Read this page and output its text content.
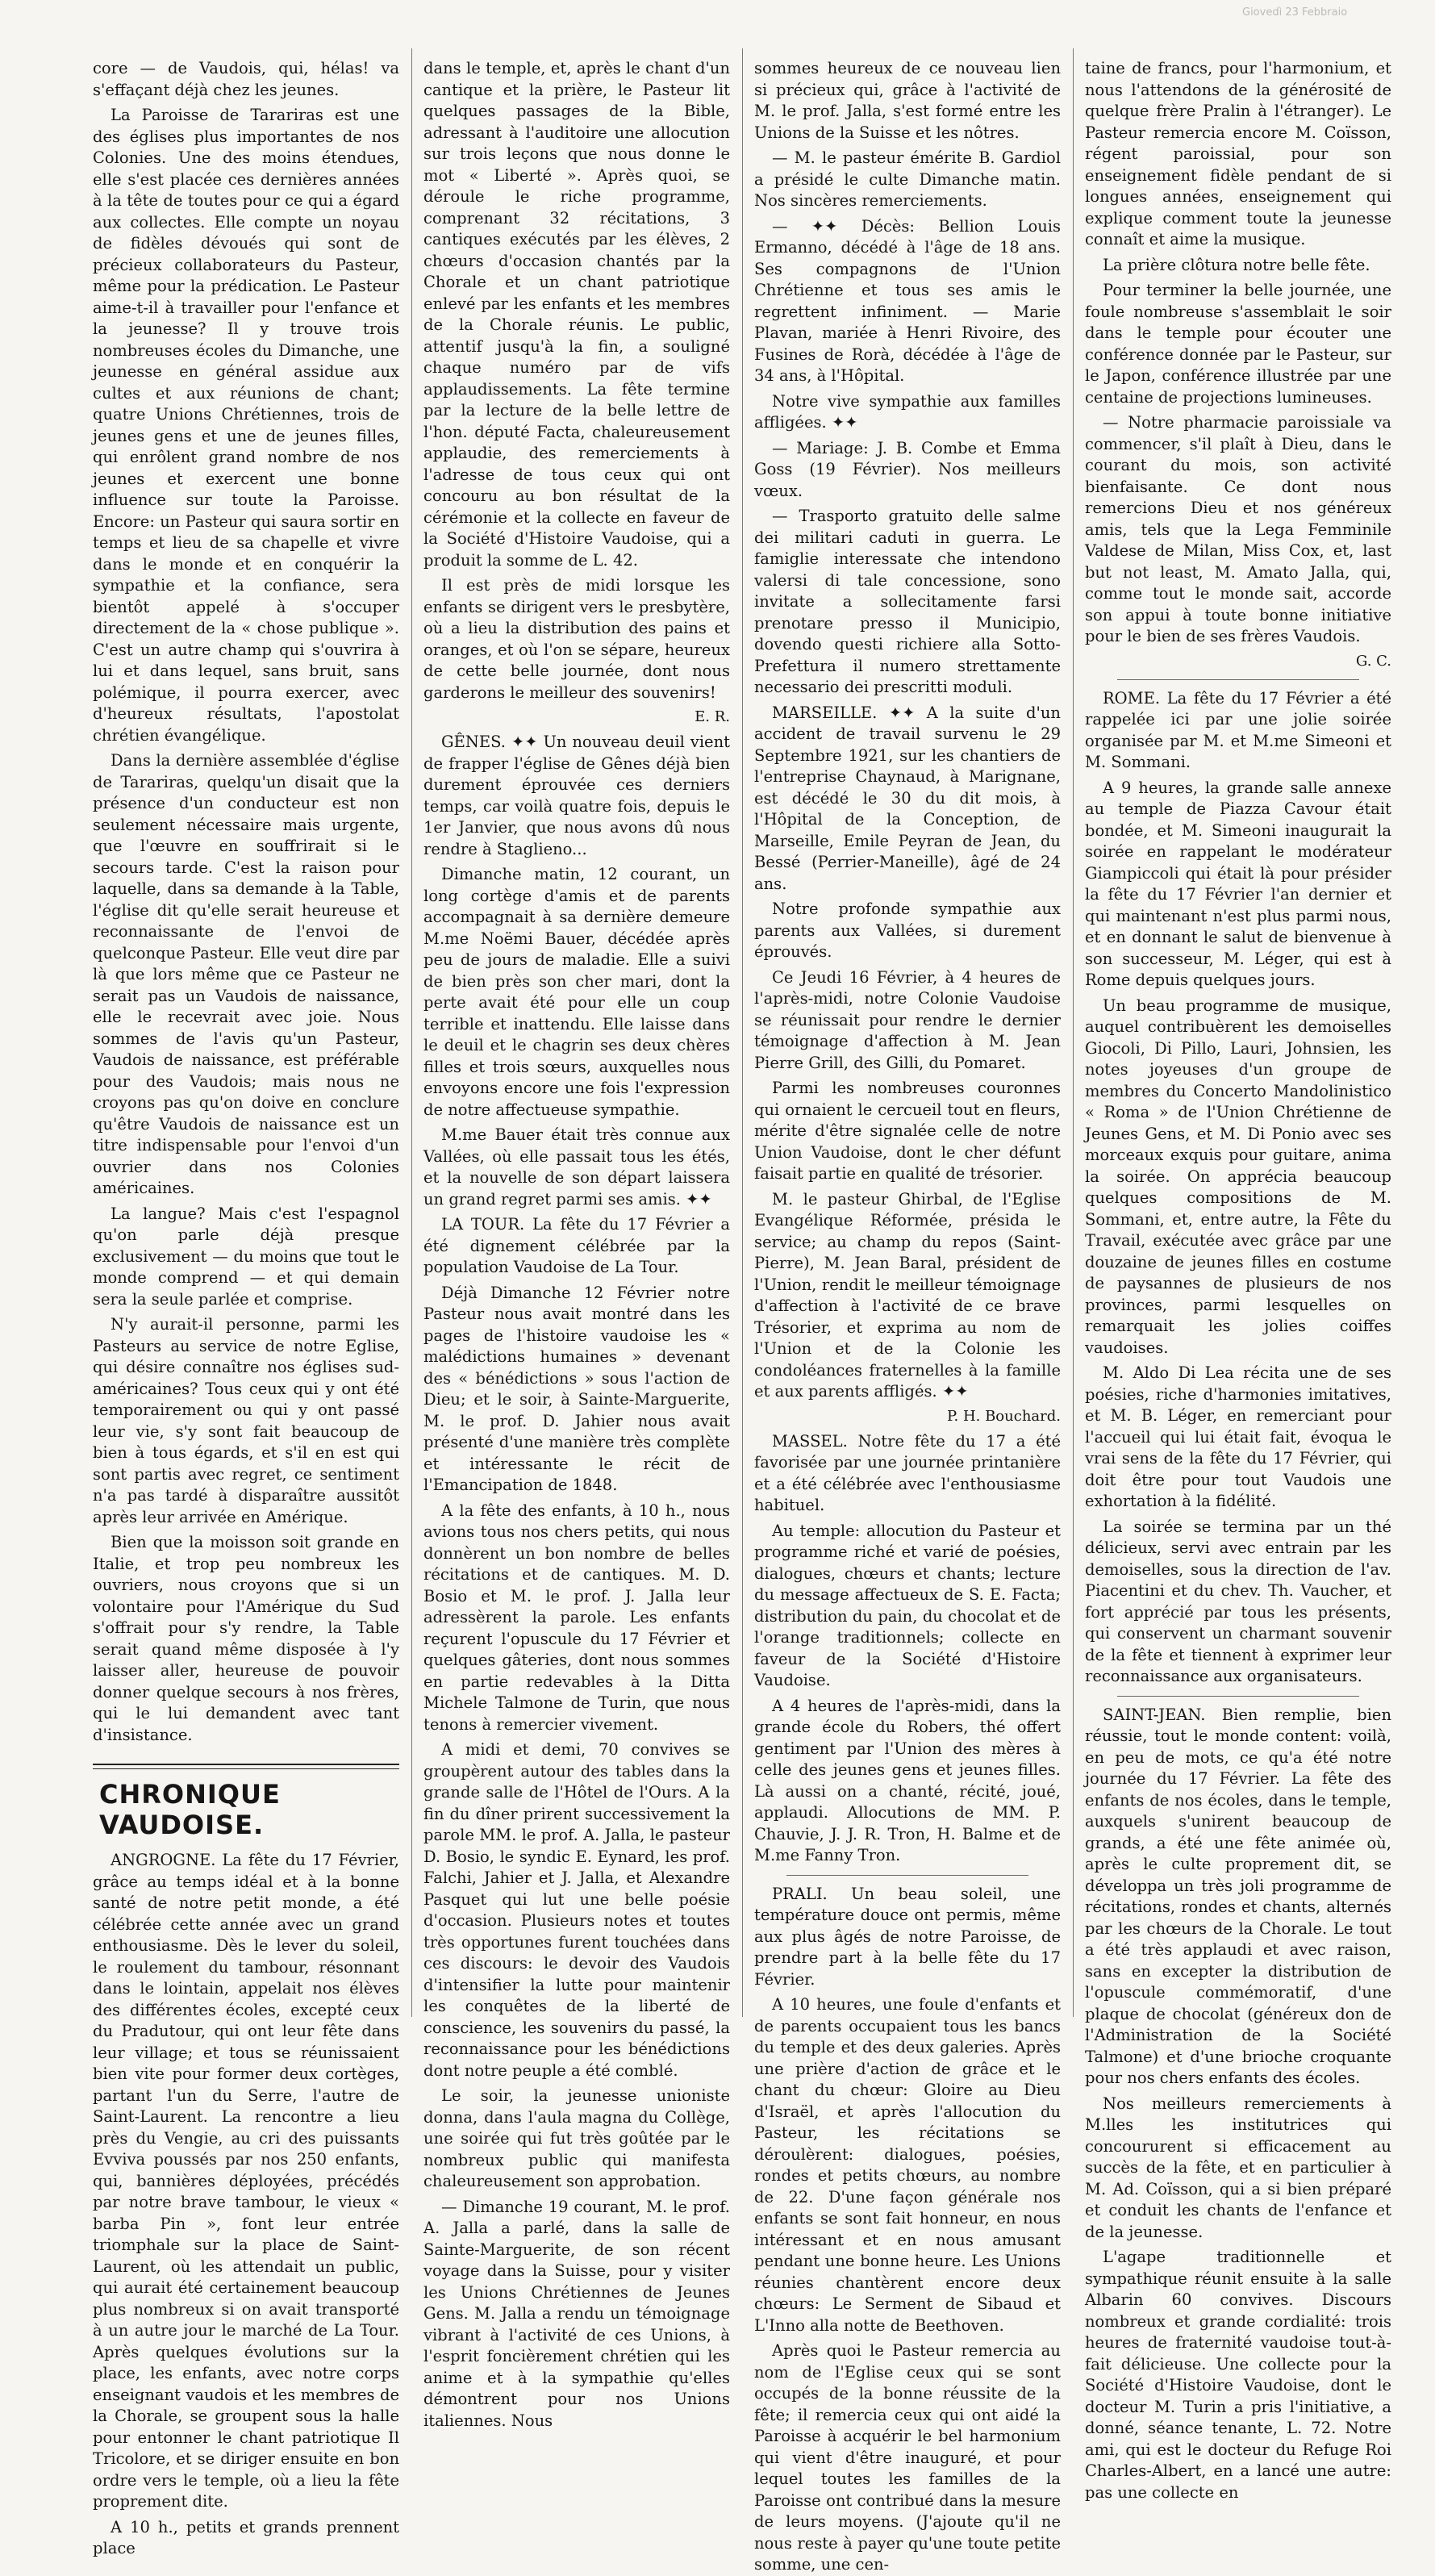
Giovedì 23 Febbraio

core — de Vaudois, qui, hélas! va s'effaçant déjà chez les jeunes.

La Paroisse de Tarariras est une des églises plus importantes de nos Colonies. Une des moins étendues, elle s'est placée ces dernières années à la tête de toutes pour ce qui a égard aux collectes. Elle compte un noyau de fidèles dévoués qui sont de précieux collaborateurs du Pasteur, même pour la prédication. Le Pasteur aime-t-il à travailler pour l'enfance et la jeunesse? Il y trouve trois nombreuses écoles du Dimanche, une jeunesse en général assidue aux cultes et aux réunions de chant; quatre Unions Chrétiennes, trois de jeunes gens et une de jeunes filles, qui enrôlent grand nombre de nos jeunes et exercent une bonne influence sur toute la Paroisse. Encore: un Pasteur qui saura sortir en temps et lieu de sa chapelle et vivre dans le monde et en conquérir la sympathie et la confiance, sera bientôt appelé à s'occuper directement de la « chose publique ». C'est un autre champ qui s'ouvrira à lui et dans lequel, sans bruit, sans polémique, il pourra exercer, avec d'heureux résultats, l'apostolat chrétien évangélique.

Dans la dernière assemblée d'église de Tarariras, quelqu'un disait que la présence d'un conducteur est non seulement nécessaire mais urgente, que l'œuvre en souffrirait si le secours tarde. C'est la raison pour laquelle, dans sa demande à la Table, l'église dit qu'elle serait heureuse et reconnaissante de l'envoi de quelconque Pasteur. Elle veut dire par là que lors même que ce Pasteur ne serait pas un Vaudois de naissance, elle le recevrait avec joie. Nous sommes de l'avis qu'un Pasteur, Vaudois de naissance, est préférable pour des Vaudois; mais nous ne croyons pas qu'on doive en conclure qu'être Vaudois de naissance est un titre indispensable pour l'envoi d'un ouvrier dans nos Colonies américaines.

La langue? Mais c'est l'espagnol qu'on parle déjà presque exclusivement — du moins que tout le monde comprend — et qui demain sera la seule parlée et comprise.

N'y aurait-il personne, parmi les Pasteurs au service de notre Eglise, qui désire connaître nos églises sud-américaines? Tous ceux qui y ont été temporairement ou qui y ont passé leur vie, s'y sont fait beaucoup de bien à tous égards, et s'il en est qui sont partis avec regret, ce sentiment n'a pas tardé à disparaître aussitôt après leur arrivée en Amérique.

Bien que la moisson soit grande en Italie, et trop peu nombreux les ouvriers, nous croyons que si un volontaire pour l'Amérique du Sud s'offrait pour s'y rendre, la Table serait quand même disposée à l'y laisser aller, heureuse de pouvoir donner quelque secours à nos frères, qui le lui demandent avec tant d'insistance.

CHRONIQUE VAUDOISE.

ANGROGNE. La fête du 17 Février, grâce au temps idéal et à la bonne santé de notre petit monde, a été célébrée cette année avec un grand enthousiasme. Dès le lever du soleil, le roulement du tambour, résonnant dans le lointain, appelait nos élèves des différentes écoles, excepté ceux du Pradutour, qui ont leur fête dans leur village; et tous se réunissaient bien vite pour former deux cortèges, partant l'un du Serre, l'autre de Saint-Laurent. La rencontre a lieu près du Vengie, au cri des puissants Evviva poussés par nos 250 enfants, qui, bannières déployées, précédés par notre brave tambour, le vieux « barba Pin », font leur entrée triomphale sur la place de Saint-Laurent, où les attendait un public, qui aurait été certainement beaucoup plus nombreux si on avait transporté à un autre jour le marché de La Tour. Après quelques évolutions sur la place, les enfants, avec notre corps enseignant vaudois et les membres de la Chorale, se groupent sous la halle pour entonner le chant patriotique Il Tricolore, et se diriger ensuite en bon ordre vers le temple, où a lieu la fête proprement dite.

A 10 h., petits et grands prennent place

dans le temple, et, après le chant d'un cantique et la prière, le Pasteur lit quelques passages de la Bible, adressant à l'auditoire une allocution sur trois leçons que nous donne le mot « Liberté ». Après quoi, se déroule le riche programme, comprenant 32 récitations, 3 cantiques exécutés par les élèves, 2 chœurs d'occasion chantés par la Chorale et un chant patriotique enlevé par les enfants et les membres de la Chorale réunis. Le public, attentif jusqu'à la fin, a souligné chaque numéro par de vifs applaudissements. La fête termine par la lecture de la belle lettre de l'hon. député Facta, chaleureusement applaudie, des remerciements à l'adresse de tous ceux qui ont concouru au bon résultat de la cérémonie et la collecte en faveur de la Société d'Histoire Vaudoise, qui a produit la somme de L. 42.

Il est près de midi lorsque les enfants se dirigent vers le presbytère, où a lieu la distribution des pains et oranges, et où l'on se sépare, heureux de cette belle journée, dont nous garderons le meilleur des souvenirs!

E. R.

GÊNES. ✦✦ Un nouveau deuil vient de frapper l'église de Gênes déjà bien durement éprouvée ces derniers temps, car voilà quatre fois, depuis le 1er Janvier, que nous avons dû nous rendre à Staglieno...

Dimanche matin, 12 courant, un long cortège d'amis et de parents accompagnait à sa dernière demeure M.me Noëmi Bauer, décédée après peu de jours de maladie. Elle a suivi de bien près son cher mari, dont la perte avait été pour elle un coup terrible et inattendu. Elle laisse dans le deuil et le chagrin ses deux chères filles et trois sœurs, auxquelles nous envoyons encore une fois l'expression de notre affectueuse sympathie.

M.me Bauer était très connue aux Vallées, où elle passait tous les étés, et la nouvelle de son départ laissera un grand regret parmi ses amis. ✦✦

LA TOUR. La fête du 17 Février a été dignement célébrée par la population Vaudoise de La Tour.

Déjà Dimanche 12 Février notre Pasteur nous avait montré dans les pages de l'histoire vaudoise les « malédictions humaines » devenant des « bénédictions » sous l'action de Dieu; et le soir, à Sainte-Marguerite, M. le prof. D. Jahier nous avait présenté d'une manière très complète et intéressante le récit de l'Emancipation de 1848.

A la fête des enfants, à 10 h., nous avions tous nos chers petits, qui nous donnèrent un bon nombre de belles récitations et de cantiques. M. D. Bosio et M. le prof. J. Jalla leur adressèrent la parole. Les enfants reçurent l'opuscule du 17 Février et quelques gâteries, dont nous sommes en partie redevables à la Ditta Michele Talmone de Turin, que nous tenons à remercier vivement.

A midi et demi, 70 convives se groupèrent autour des tables dans la grande salle de l'Hôtel de l'Ours. A la fin du dîner prirent successivement la parole MM. le prof. A. Jalla, le pasteur D. Bosio, le syndic E. Eynard, les prof. Falchi, Jahier et J. Jalla, et Alexandre Pasquet qui lut une belle poésie d'occasion. Plusieurs notes et toutes très opportunes furent touchées dans ces discours: le devoir des Vaudois d'intensifier la lutte pour maintenir les conquêtes de la liberté de conscience, les souvenirs du passé, la reconnaissance pour les bénédictions dont notre peuple a été comblé.

Le soir, la jeunesse unioniste donna, dans l'aula magna du Collège, une soirée qui fut très goûtée par le nombreux public qui manifesta chaleureusement son approbation.

— Dimanche 19 courant, M. le prof. A. Jalla a parlé, dans la salle de Sainte-Marguerite, de son récent voyage dans la Suisse, pour y visiter les Unions Chrétiennes de Jeunes Gens. M. Jalla a rendu un témoignage vibrant à l'activité de ces Unions, à l'esprit foncièrement chrétien qui les anime et à la sympathie qu'elles démontrent pour nos Unions italiennes. Nous

sommes heureux de ce nouveau lien si précieux qui, grâce à l'activité de M. le prof. Jalla, s'est formé entre les Unions de la Suisse et les nôtres.

— M. le pasteur émérite B. Gardiol a présidé le culte Dimanche matin. Nos sincères remerciements.

— ✦✦ Décès: Bellion Louis Ermanno, décédé à l'âge de 18 ans. Ses compagnons de l'Union Chrétienne et tous ses amis le regrettent infiniment. — Marie Plavan, mariée à Henri Rivoire, des Fusines de Rorà, décédée à l'âge de 34 ans, à l'Hôpital.

Notre vive sympathie aux familles affligées. ✦✦

— Mariage: J. B. Combe et Emma Goss (19 Février). Nos meilleurs vœux.

— Trasporto gratuito delle salme dei militari caduti in guerra. Le famiglie interessate che intendono valersi di tale concessione, sono invitate a sollecitamente farsi prenotare presso il Municipio, dovendo questi richiere alla Sotto-Prefettura il numero strettamente necessario dei prescritti moduli.

MARSEILLE. ✦✦ A la suite d'un accident de travail survenu le 29 Septembre 1921, sur les chantiers de l'entreprise Chaynaud, à Marignane, est décédé le 30 du dit mois, à l'Hôpital de la Conception, de Marseille, Emile Peyran de Jean, du Bessé (Perrier-Maneille), âgé de 24 ans.

Notre profonde sympathie aux parents aux Vallées, si durement éprouvés.

Ce Jeudi 16 Février, à 4 heures de l'après-midi, notre Colonie Vaudoise se réunissait pour rendre le dernier témoignage d'affection à M. Jean Pierre Grill, des Gilli, du Pomaret.

Parmi les nombreuses couronnes qui ornaient le cercueil tout en fleurs, mérite d'être signalée celle de notre Union Vaudoise, dont le cher défunt faisait partie en qualité de trésorier.

M. le pasteur Ghirbal, de l'Eglise Evangélique Réformée, présida le service; au champ du repos (Saint-Pierre), M. Jean Baral, président de l'Union, rendit le meilleur témoignage d'affection à l'activité de ce brave Trésorier, et exprima au nom de l'Union et de la Colonie les condoléances fraternelles à la famille et aux parents affligés. ✦✦

P. H. Bouchard.

MASSEL. Notre fête du 17 a été favorisée par une journée printanière et a été célébrée avec l'enthousiasme habituel.

Au temple: allocution du Pasteur et programme riché et varié de poésies, dialogues, chœurs et chants; lecture du message affectueux de S. E. Facta; distribution du pain, du chocolat et de l'orange traditionnels; collecte en faveur de la Société d'Histoire Vaudoise.

A 4 heures de l'après-midi, dans la grande école du Robers, thé offert gentiment par l'Union des mères à celle des jeunes gens et jeunes filles. Là aussi on a chanté, récité, joué, applaudi. Allocutions de MM. P. Chauvie, J. J. R. Tron, H. Balme et de M.me Fanny Tron.

PRALI. Un beau soleil, une température douce ont permis, même aux plus âgés de notre Paroisse, de prendre part à la belle fête du 17 Février.

A 10 heures, une foule d'enfants et de parents occupaient tous les bancs du temple et des deux galeries. Après une prière d'action de grâce et le chant du chœur: Gloire au Dieu d'Israël, et après l'allocution du Pasteur, les récitations se déroulèrent: dialogues, poésies, rondes et petits chœurs, au nombre de 22. D'une façon générale nos enfants se sont fait honneur, en nous intéressant et en nous amusant pendant une bonne heure. Les Unions réunies chantèrent encore deux chœurs: Le Serment de Sibaud et L'Inno alla notte de Beethoven.

Après quoi le Pasteur remercia au nom de l'Eglise ceux qui se sont occupés de la bonne réussite de la fête; il remercia ceux qui ont aidé la Paroisse à acquérir le bel harmonium qui vient d'être inauguré, et pour lequel toutes les familles de la Paroisse ont contribué dans la mesure de leurs moyens. (J'ajoute qu'il ne nous reste à payer qu'une toute petite somme, une cen-

taine de francs, pour l'harmonium, et nous l'attendons de la générosité de quelque frère Pralin à l'étranger). Le Pasteur remercia encore M. Coïsson, régent paroissial, pour son enseignement fidèle pendant de si longues années, enseignement qui explique comment toute la jeunesse connaît et aime la musique.

La prière clôtura notre belle fête.

Pour terminer la belle journée, une foule nombreuse s'assemblait le soir dans le temple pour écouter une conférence donnée par le Pasteur, sur le Japon, conférence illustrée par une centaine de projections lumineuses.

— Notre pharmacie paroissiale va commencer, s'il plaît à Dieu, dans le courant du mois, son activité bienfaisante. Ce dont nous remercions Dieu et nos généreux amis, tels que la Lega Femminile Valdese de Milan, Miss Cox, et, last but not least, M. Amato Jalla, qui, comme tout le monde sait, accorde son appui à toute bonne initiative pour le bien de ses frères Vaudois.

G. C.

ROME. La fête du 17 Février a été rappelée ici par une jolie soirée organisée par M. et M.me Simeoni et M. Sommani.

A 9 heures, la grande salle annexe au temple de Piazza Cavour était bondée, et M. Simeoni inaugurait la soirée en rappelant le modérateur Giampiccoli qui était là pour présider la fête du 17 Février l'an dernier et qui maintenant n'est plus parmi nous, et en donnant le salut de bienvenue à son successeur, M. Léger, qui est à Rome depuis quelques jours.

Un beau programme de musique, auquel contribuèrent les demoiselles Giocoli, Di Pillo, Lauri, Johnsien, les notes joyeuses d'un groupe de membres du Concerto Mandolinistico « Roma » de l'Union Chrétienne de Jeunes Gens, et M. Di Ponio avec ses morceaux exquis pour guitare, anima la soirée. On apprécia beaucoup quelques compositions de M. Sommani, et, entre autre, la Fête du Travail, exécutée avec grâce par une douzaine de jeunes filles en costume de paysannes de plusieurs de nos provinces, parmi lesquelles on remarquait les jolies coiffes vaudoises.

M. Aldo Di Lea récita une de ses poésies, riche d'harmonies imitatives, et M. B. Léger, en remerciant pour l'accueil qui lui était fait, évoqua le vrai sens de la fête du 17 Février, qui doit être pour tout Vaudois une exhortation à la fidélité.

La soirée se termina par un thé délicieux, servi avec entrain par les demoiselles, sous la direction de l'av. Piacentini et du chev. Th. Vaucher, et fort apprécié par tous les présents, qui conservent un charmant souvenir de la fête et tiennent à exprimer leur reconnaissance aux organisateurs.

SAINT-JEAN. Bien remplie, bien réussie, tout le monde content: voilà, en peu de mots, ce qu'a été notre journée du 17 Février. La fête des enfants de nos écoles, dans le temple, auxquels s'unirent beaucoup de grands, a été une fête animée où, après le culte proprement dit, se développa un très joli programme de récitations, rondes et chants, alternés par les chœurs de la Chorale. Le tout a été très applaudi et avec raison, sans en excepter la distribution de l'opuscule commémoratif, d'une plaque de chocolat (généreux don de l'Administration de la Société Talmone) et d'une brioche croquante pour nos chers enfants des écoles.

Nos meilleurs remerciements à M.lles les institutrices qui concoururent si efficacement au succès de la fête, et en particulier à M. Ad. Coïsson, qui a si bien préparé et conduit les chants de l'enfance et de la jeunesse.

L'agape traditionnelle et sympathique réunit ensuite à la salle Albarin 60 convives. Discours nombreux et grande cordialité: trois heures de fraternité vaudoise tout-à-fait délicieuse. Une collecte pour la Société d'Histoire Vaudoise, dont le docteur M. Turin a pris l'initiative, a donné, séance tenante, L. 72. Notre ami, qui est le docteur du Refuge Roi Charles-Albert, en a lancé une autre: pas une collecte en
